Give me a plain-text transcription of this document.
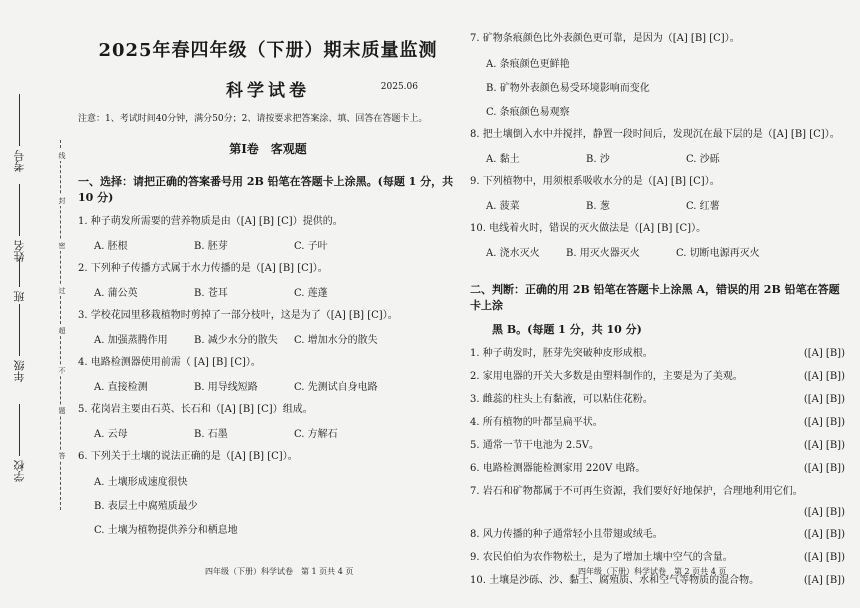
学校
年级
班
姓名
考号	线
封
密
过
超
不
题
答
2025年春四年级（下册）期末质量监测
科学试卷	2025.06
注意：1、考试时间40分钟，满分50分；2、请按要求把答案涂、填、回答在答题卡上。
第Ⅰ卷　客观题
一、选择：请把正确的答案番号用 2B 铅笔在答题卡上涂黑。(每题 1 分，共 10 分)
1. 种子萌发所需要的营养物质是由（[A] [B] [C]）提供的。
A. 胚根	B. 胚芽	C. 子叶
2. 下列种子传播方式属于水力传播的是（[A] [B] [C]）。
A. 蒲公英	B. 苍耳	C. 莲蓬
3. 学校花园里移栽植物时剪掉了一部分枝叶，这是为了（[A] [B] [C]）。
A. 加强蒸腾作用	B. 减少水分的散失	C. 增加水分的散失
4. 电路检测器使用前需（ [A] [B] [C]）。
A. 直接检测	B. 用导线短路	C. 先测试自身电路
5. 花岗岩主要由石英、长石和（[A] [B] [C]）组成。
A. 云母	B. 石墨	C. 方解石
6. 下列关于土壤的说法正确的是（[A] [B] [C]）。
A. 土壤形成速度很快
B. 表层土中腐殖质最少
C. 土壤为植物提供养分和栖息地
7. 矿物条痕颜色比外表颜色更可靠，是因为（[A] [B] [C]）。
A. 条痕颜色更鲜艳
B. 矿物外表颜色易受环境影响而变化
C. 条痕颜色易观察
8. 把土壤倒入水中并搅拌，静置一段时间后，发现沉在最下层的是（[A] [B] [C]）。
A. 黏土	B. 沙	C. 沙砾
9. 下列植物中，用须根系吸收水分的是（[A] [B] [C]）。
A. 菠菜	B. 葱	C. 红薯
10. 电线着火时，错误的灭火做法是（[A] [B] [C]）。
A. 浇水灭火	B. 用灭火器灭火	C. 切断电源再灭火
二、判断：正确的用 2B 铅笔在答题卡上涂黑 A，错误的用 2B 铅笔在答题卡上涂
黑 B。(每题 1 分，共 10 分)
1. 种子萌发时，胚芽先突破种皮形成根。	([A] [B])
2. 家用电器的开关大多数是由塑料制作的，主要是为了美观。	([A] [B])
3. 雌蕊的柱头上有黏液，可以粘住花粉。	([A] [B])
4. 所有植物的叶都呈扁平状。	([A] [B])
5. 通常一节干电池为 2.5V。	([A] [B])
6. 电路检测器能检测家用 220V 电路。	([A] [B])
7. 岩石和矿物都属于不可再生资源，我们要好好地保护，合理地利用它们。
([A] [B])
8. 风力传播的种子通常轻小且带翅或绒毛。	([A] [B])
9. 农民伯伯为农作物松土，是为了增加土壤中空气的含量。	([A] [B])
10. 土壤是沙砾、沙、黏土、腐殖质、水和空气等物质的混合物。	([A] [B])
四年级（下册）科学试卷　第 1 页共 4 页	四年级（下册）科学试卷　第 2 页共 4 页
